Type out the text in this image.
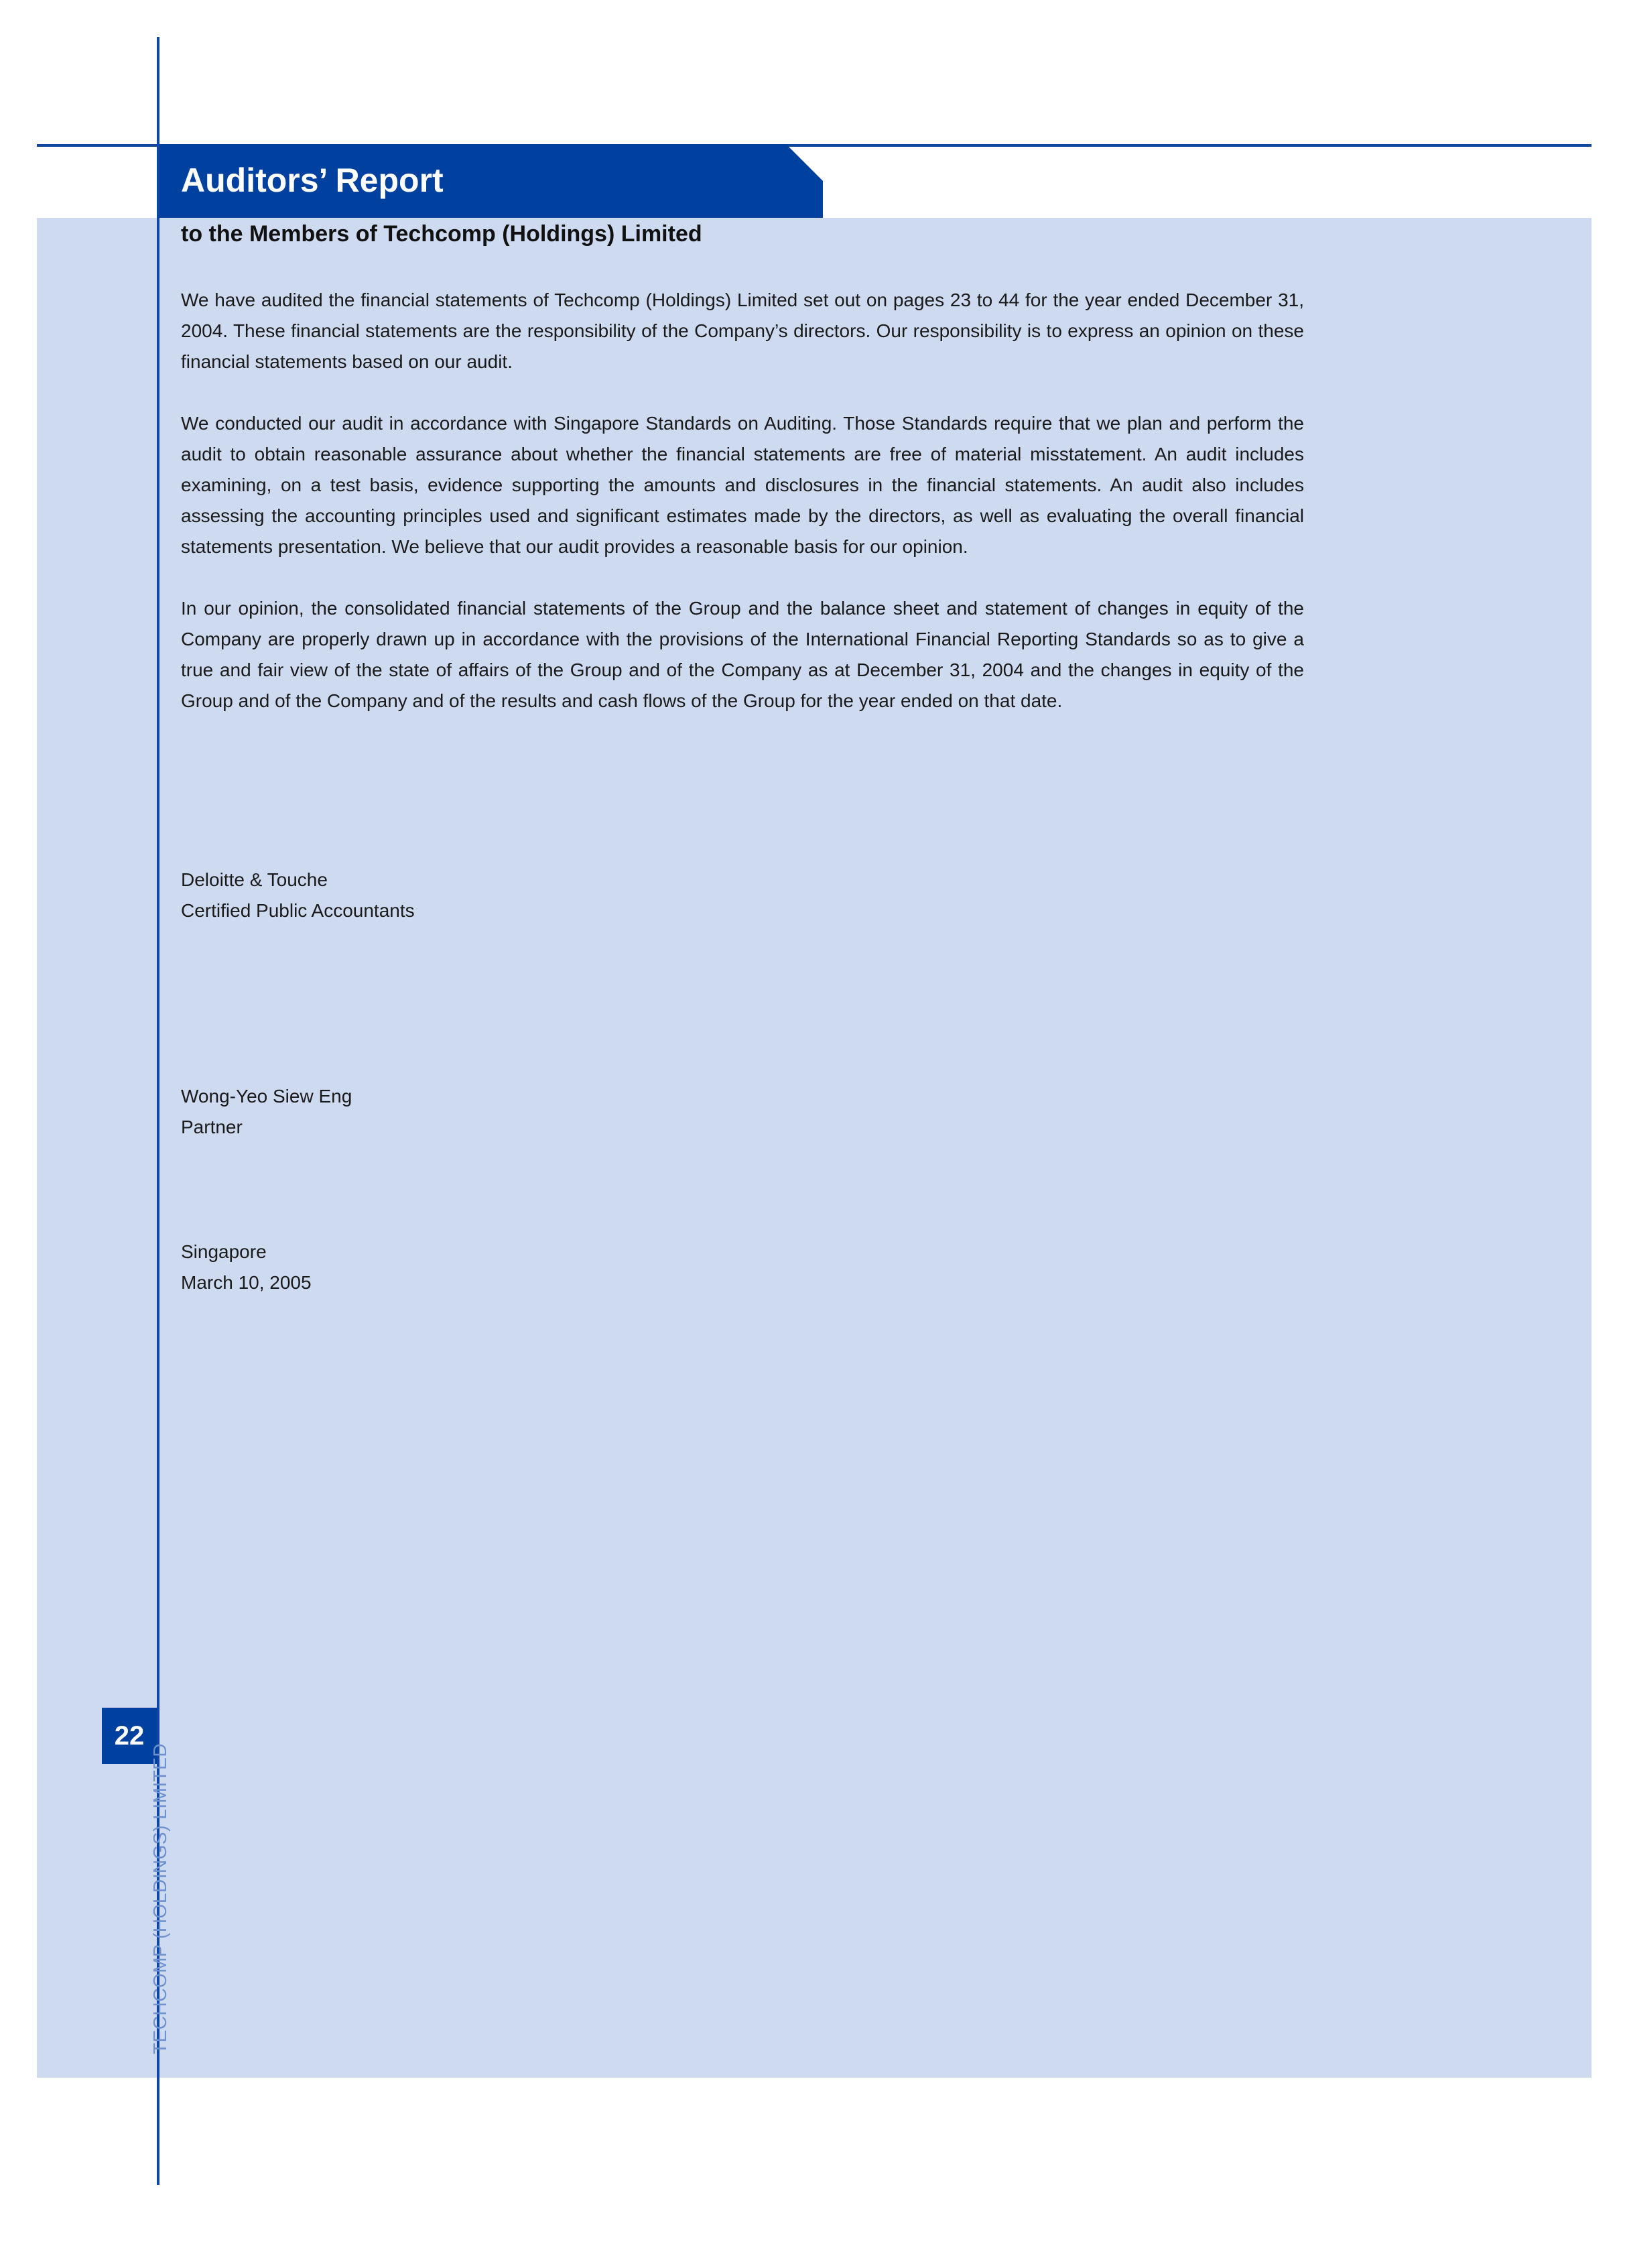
Auditors’ Report
to the Members of Techcomp (Holdings) Limited

We have audited the financial statements of Techcomp (Holdings) Limited set out on pages 23 to 44 for the year ended December 31, 2004. These financial statements are the responsibility of the Company’s directors. Our responsibility is to express an opinion on these financial statements based on our audit.

We conducted our audit in accordance with Singapore Standards on Auditing. Those Standards require that we plan and perform the audit to obtain reasonable assurance about whether the financial statements are free of material misstatement. An audit includes examining, on a test basis, evidence supporting the amounts and disclosures in the financial statements. An audit also includes assessing the accounting principles used and significant estimates made by the directors, as well as evaluating the overall financial statements presentation. We believe that our audit provides a reasonable basis for our opinion.

In our opinion, the consolidated financial statements of the Group and the balance sheet and statement of changes in equity of the Company are properly drawn up in accordance with the provisions of the International Financial Reporting Standards so as to give a true and fair view of the state of affairs of the Group and of the Company as at December 31, 2004 and the changes in equity of the Group and of the Company and of the results and cash flows of the Group for the year ended on that date.

Deloitte & Touche
Certified Public Accountants
Wong-Yeo Siew Eng
Partner
Singapore
March 10, 2005
22
TECHCOMP (HOLDINGS) LIMITED
